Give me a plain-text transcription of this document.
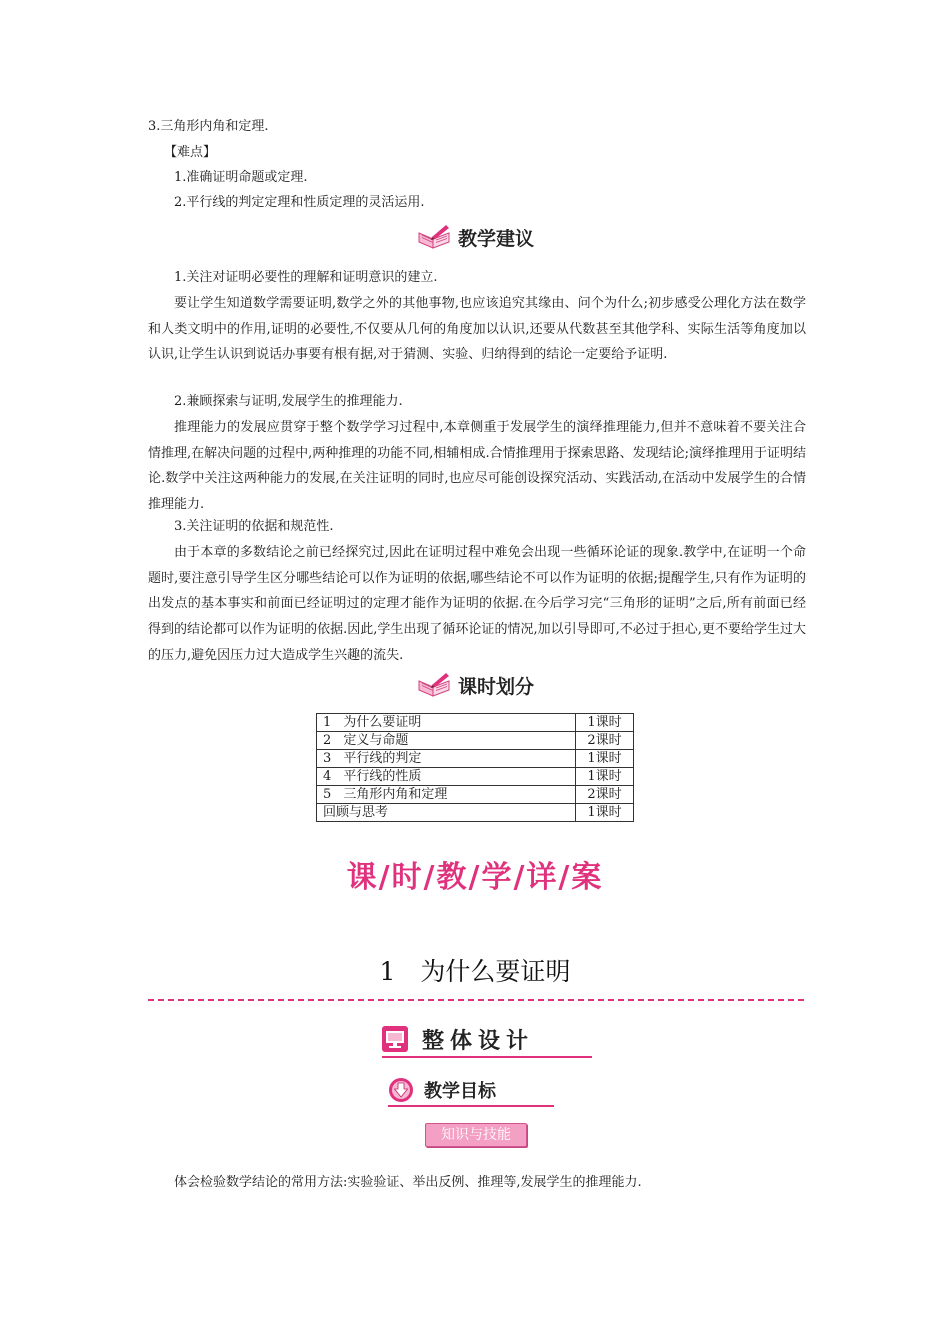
3.三角形内角和定理.
【难点】
1.准确证明命题或定理.
2.平行线的判定定理和性质定理的灵活运用.
教学建议
1.关注对证明必要性的理解和证明意识的建立.
要让学生知道数学需要证明,数学之外的其他事物,也应该追究其缘由、问个为什么;初步感受公理化方法在数学和人类文明中的作用,证明的必要性,不仅要从几何的角度加以认识,还要从代数甚至其他学科、实际生活等角度加以认识,让学生认识到说话办事要有根有据,对于猜测、实验、归纳得到的结论一定要给予证明.
2.兼顾探索与证明,发展学生的推理能力.
推理能力的发展应贯穿于整个数学学习过程中,本章侧重于发展学生的演绎推理能力,但并不意味着不要关注合情推理,在解决问题的过程中,两种推理的功能不同,相辅相成.合情推理用于探索思路、发现结论;演绎推理用于证明结论.数学中关注这两种能力的发展,在关注证明的同时,也应尽可能创设探究活动、实践活动,在活动中发展学生的合情推理能力.
3.关注证明的依据和规范性.
由于本章的多数结论之前已经探究过,因此在证明过程中难免会出现一些循环论证的现象.教学中,在证明一个命题时,要注意引导学生区分哪些结论可以作为证明的依据,哪些结论不可以作为证明的依据;提醒学生,只有作为证明的出发点的基本事实和前面已经证明过的定理才能作为证明的依据.在今后学习完“三角形的证明”之后,所有前面已经得到的结论都可以作为证明的依据.因此,学生出现了循环论证的情况,加以引导即可,不必过于担心,更不要给学生过大的压力,避免因压力过大造成学生兴趣的流失.
课时划分
1	为什么要证明	1课时
2	定义与命题	2课时
3	平行线的判定	1课时
4	平行线的性质	1课时
5	三角形内角和定理	2课时
回顾与思考		1课时
课/时/教/学/详/案
1　为什么要证明
整体设计
教学目标
知识与技能
体会检验数学结论的常用方法:实验验证、举出反例、推理等,发展学生的推理能力.
